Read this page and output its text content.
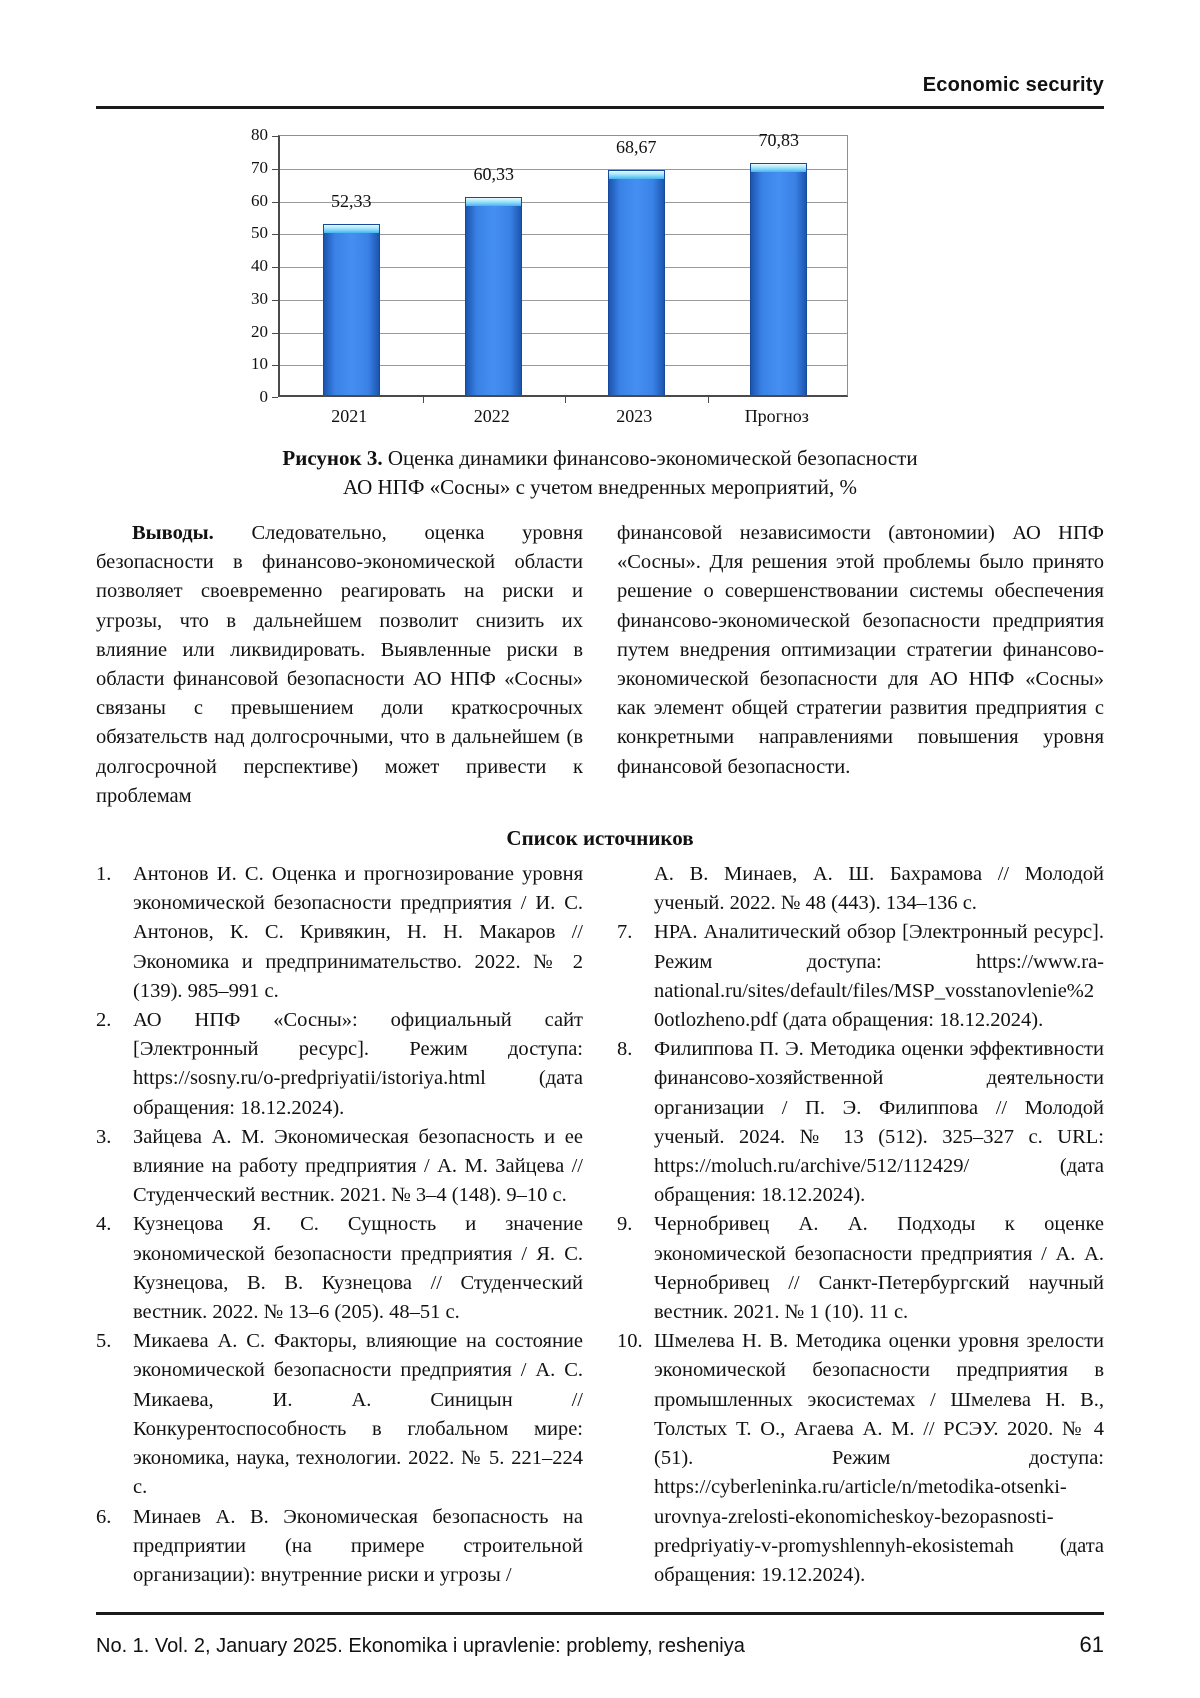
Economic security
0
10
20
30
40
50
60
70
80
52,33
60,33
68,67	70,83
2021	2022	2023	Прогноз
Рисунок 3. Оценка динамики финансово-экономической безопасности
АО НПФ «Сосны» с учетом внедренных мероприятий, %
Выводы. Следовательно, оценка уровня безопасности в финансово-экономической области позволяет своевременно реагировать на риски и угрозы, что в дальнейшем позволит снизить их влияние или ликвидировать. Выявленные риски в области финансовой безопасности АО НПФ «Сосны» связаны с превышением доли краткосрочных обязательств над долгосрочными, что в дальнейшем (в долгосрочной перспективе) может привести к проблемам
финансовой независимости (автономии) АО НПФ «Сосны». Для решения этой проблемы было принято решение о совершенствовании системы обеспечения финансово-экономической безопасности предприятия путем внедрения оптимизации стратегии финансово-экономической безопасности для АО НПФ «Сосны» как элемент общей стратегии развития предприятия с конкретными направлениями повышения уровня финансовой безопасности.
Список источников
1.	Антонов И. С. Оценка и прогнозирование уровня экономической безопасности предприятия / И. С. Антонов, К. С. Кривякин, Н. Н. Макаров // Экономика и предпринимательство. 2022. № 2 (139). 985–991 с.
2.	АО НПФ «Сосны»: официальный сайт [Электронный ресурс]. Режим доступа: https://sosny.ru/o-predpriyatii/istoriya.html (дата обращения: 18.12.2024).
3.	Зайцева А. М. Экономическая безопасность и ее влияние на работу предприятия / А. М. Зайцева // Студенческий вестник. 2021. № 3–4 (148). 9–10 с.
4.	Кузнецова Я. С. Сущность и значение экономической безопасности предприятия / Я. С. Кузнецова, В. В. Кузнецова // Студенческий вестник. 2022. № 13–6 (205). 48–51 с.
5.	Микаева А. С. Факторы, влияющие на состояние экономической безопасности предприятия / А. С. Микаева, И. А. Синицын // Конкурентоспособность в глобальном мире: экономика, наука, технологии. 2022. № 5. 221–224 с.
6.	Минаев А. В. Экономическая безопасность на предприятии (на примере строительной организации): внутренние риски и угрозы /
А. В. Минаев, А. Ш. Бахрамова // Молодой ученый. 2022. № 48 (443). 134–136 с.
7.	НРА. Аналитический обзор [Электронный ресурс]. Режим доступа: https://www.ra-national.ru/sites/default/files/MSP_vosstanovlenie%20otlozheno.pdf (дата обращения: 18.12.2024).
8.	Филиппова П. Э. Методика оценки эффективности финансово-хозяйственной деятельности организации / П. Э. Филиппова // Молодой ученый. 2024. № 13 (512). 325–327 с. URL: https://moluch.ru/archive/512/112429/ (дата обращения: 18.12.2024).
9.	Чернобривец А. А. Подходы к оценке экономической безопасности предприятия / А. А. Чернобривец // Санкт-Петербургский научный вестник. 2021. № 1 (10). 11 с.
10. Шмелева Н. В. Методика оценки уровня зрелости экономической безопасности предприятия в промышленных экосистемах / Шмелева Н. В., Толстых Т. О., Агаева А. М. // РСЭУ. 2020. № 4 (51). Режим доступа: https://cyberleninka.ru/article/n/metodika-otsenki-urovnya-zrelosti-ekonomicheskoy-bezopasnosti-predpriyatiy-v-promyshlennyh-ekosistemah (дата обращения: 19.12.2024).
No. 1. Vol. 2, January 2025. Ekonomika i upravlenie: problemy, resheniya	61
